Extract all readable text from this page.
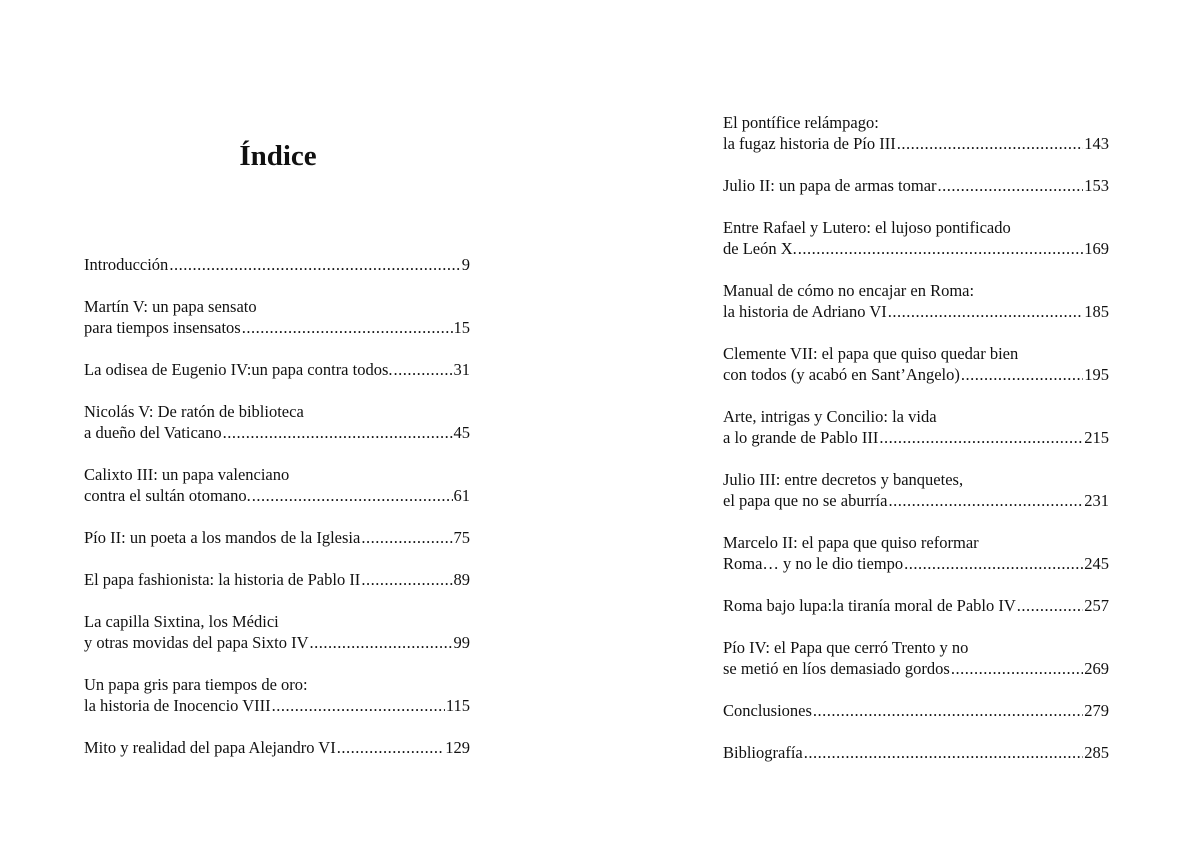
Índice
Introducción .....	9
Martín V: un papa sensato
para tiempos insensatos .....	15
La odisea de Eugenio IV:un papa contra todos. .....	31
Nicolás V: De ratón de biblioteca
a dueño del Vaticano .....	45
Calixto III: un papa valenciano
contra el sultán otomano. .....	61
Pío II: un poeta a los mandos de la Iglesia .....	75
El papa fashionista: la historia de Pablo II .....	89
La capilla Sixtina, los Médici
y otras movidas del papa Sixto IV .....	99
Un papa gris para tiempos de oro:
la historia de Inocencio VIII .....	115
Mito y realidad del papa Alejandro VI .....	129
El pontífice relámpago:
la fugaz historia de Pío III .....	143
Julio II: un papa de armas tomar .....	153
Entre Rafael y Lutero: el lujoso pontificado
de León X. .....	169
Manual de cómo no encajar en Roma:
la historia de Adriano VI .....	185
Clemente VII: el papa que quiso quedar bien
con todos (y acabó en Sant’Angelo) .....	195
Arte, intrigas y Concilio: la vida
a lo grande de Pablo III .....	215
Julio III: entre decretos y banquetes,
el papa que no se aburría .....	231
Marcelo II: el papa que quiso reformar
Roma… y no le dio tiempo .....	245
Roma bajo lupa:la tiranía moral de Pablo IV .....	257
Pío IV: el Papa que cerró Trento y no
se metió en líos demasiado gordos .....	269
Conclusiones .....	279
Bibliografía .....	285
